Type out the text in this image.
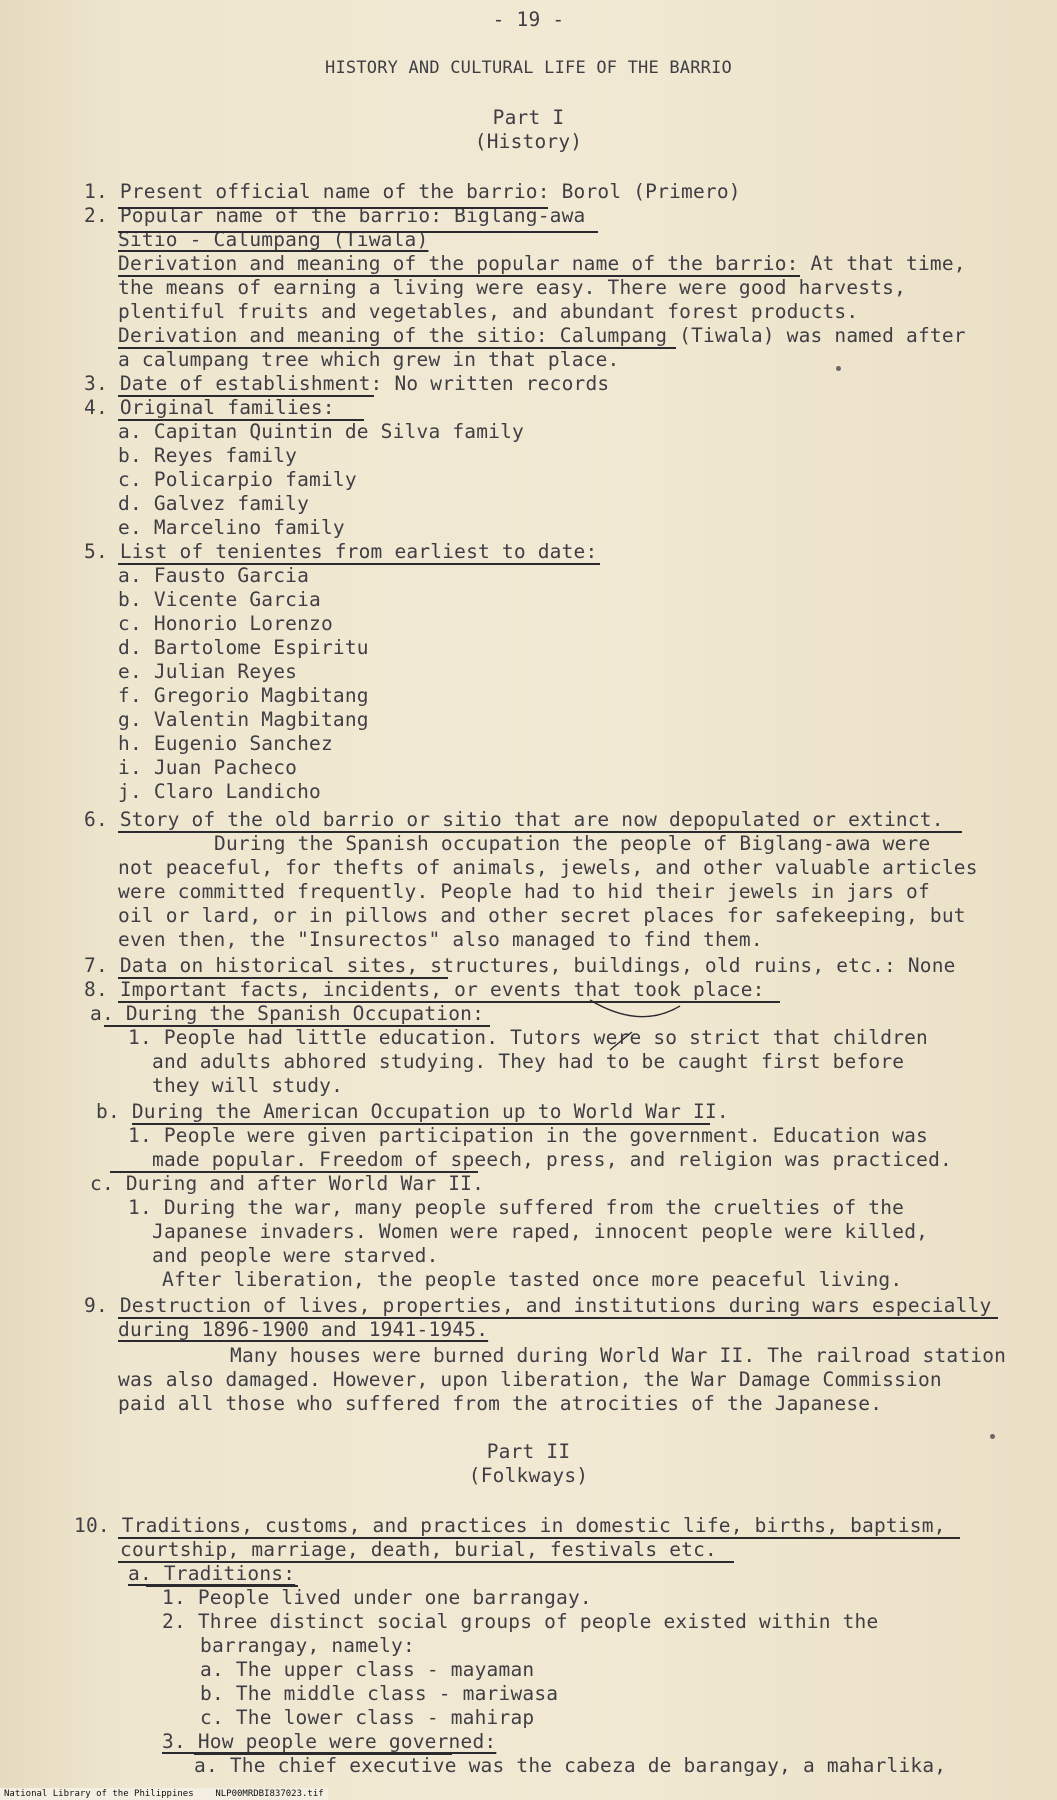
- 19 -
HISTORY AND CULTURAL LIFE OF THE BARRIO
Part I
(History)
1. Present official name of the barrio: Borol (Primero)
2. Popular name of the barrio: Biglang-awa
Sitio - Calumpang (Tiwala)
Derivation and meaning of the popular name of the barrio: At that time,
the means of earning a living were easy. There were good harvests,
plentiful fruits and vegetables, and abundant forest products.
Derivation and meaning of the sitio: Calumpang (Tiwala) was named after
a calumpang tree which grew in that place.
3. Date of establishment: No written records
4. Original families:
a. Capitan Quintin de Silva family
b. Reyes family
c. Policarpio family
d. Galvez family
e. Marcelino family
5. List of tenientes from earliest to date:
a. Fausto Garcia
b. Vicente Garcia
c. Honorio Lorenzo
d. Bartolome Espiritu
e. Julian Reyes
f. Gregorio Magbitang
g. Valentin Magbitang
h. Eugenio Sanchez
i. Juan Pacheco
j. Claro Landicho
6. Story of the old barrio or sitio that are now depopulated or extinct.
During the Spanish occupation the people of Biglang-awa were
not peaceful, for thefts of animals, jewels, and other valuable articles
were committed frequently. People had to hid their jewels in jars of
oil or lard, or in pillows and other secret places for safekeeping, but
even then, the "Insurectos" also managed to find them.
7. Data on historical sites, structures, buildings, old ruins, etc.: None
8. Important facts, incidents, or events that took place:
a. During the Spanish Occupation:
1. People had little education. Tutors were so strict that children
and adults abhored studying. They had to be caught first before
they will study.
b. During the American Occupation up to World War II.
1. People were given participation in the government. Education was
made popular. Freedom of speech, press, and religion was practiced.
c. During and after World War II.
1. During the war, many people suffered from the cruelties of the
Japanese invaders. Women were raped, innocent people were killed,
and people were starved.
After liberation, the people tasted once more peaceful living.
9. Destruction of lives, properties, and institutions during wars especially
during 1896-1900 and 1941-1945.
Many houses were burned during World War II. The railroad station
was also damaged. However, upon liberation, the War Damage Commission
paid all those who suffered from the atrocities of the Japanese.
Part II
(Folkways)
10. Traditions, customs, and practices in domestic life, births, baptism,
courtship, marriage, death, burial, festivals etc.
a. Traditions:
1. People lived under one barrangay.
2. Three distinct social groups of people existed within the
barrangay, namely:
a. The upper class - mayaman
b. The middle class - mariwasa
c. The lower class - mahirap
3. How people were governed:
a. The chief executive was the cabeza de barangay, a maharlika,
National Library of the Philippines    NLP00MRDBI837023.tif
